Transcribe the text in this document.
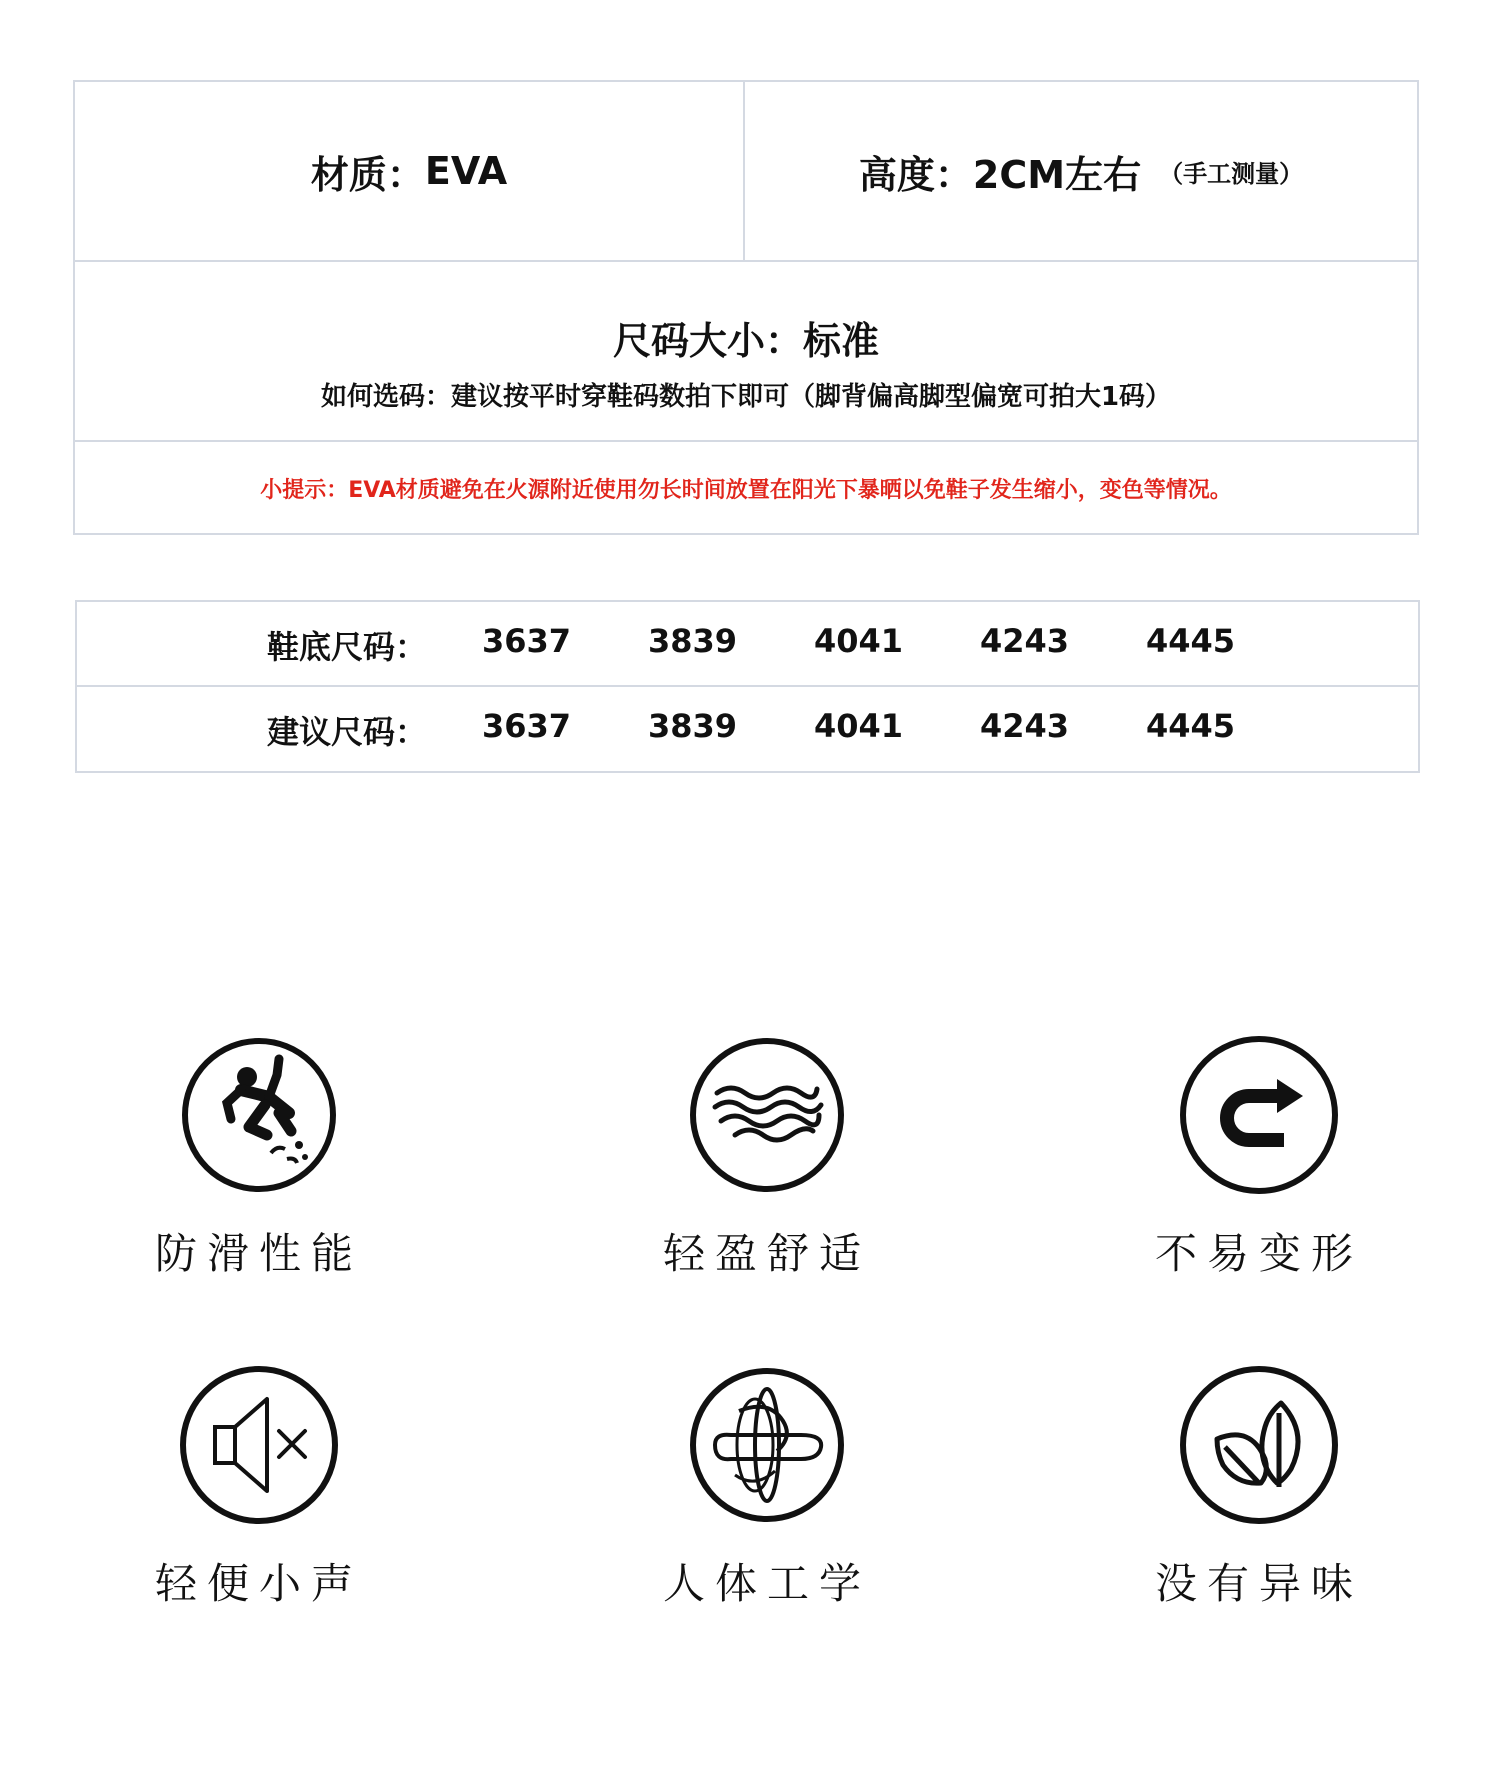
材质： EVA	高度： 2CM左右 （手工测量）
尺码大小：标准
如何选码：建议按平时穿鞋码数拍下即可（脚背偏高脚型偏宽可拍大1码）
小提示：EVA材质避免在火源附近使用勿长时间放置在阳光下暴晒以免鞋子发生缩小，变色等情况。
鞋底尺码： 3637 3839 4041 4243 4445
建议尺码： 3637 3839 4041 4243 4445
防滑性能	轻盈舒适	不易变形
轻便小声	人体工学	没有异味
